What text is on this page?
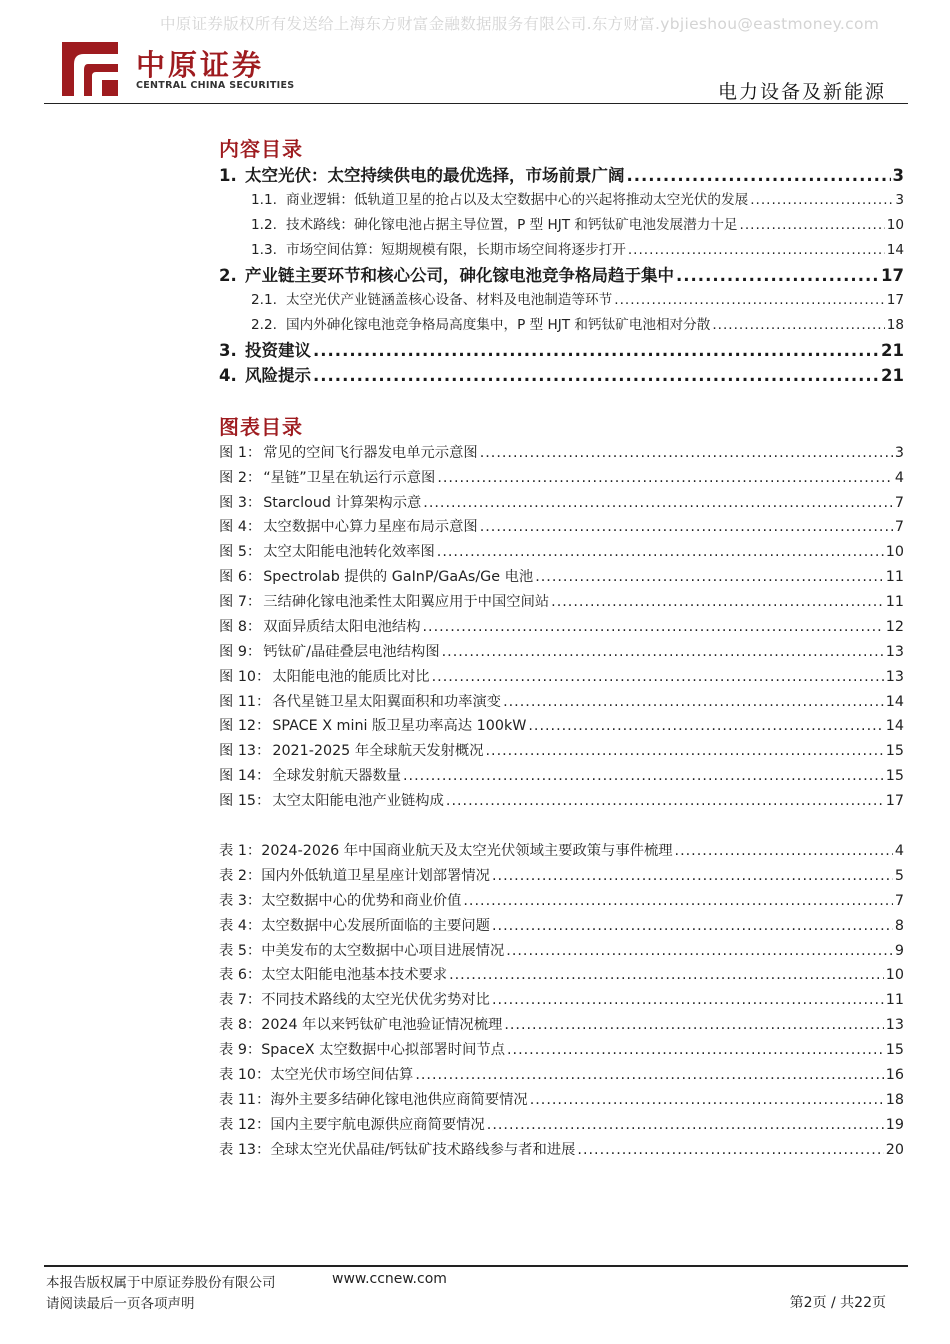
中原证券版权所有发送给上海东方财富金融数据服务有限公司.东方财富.ybjieshou@eastmoney.com
中原证券
CENTRAL CHINA SECURITIES	电力设备及新能源
内容目录
1. 太空光伏：太空持续供电的最优选择，市场前景广阔 .....	3
1.1. 商业逻辑：低轨道卫星的抢占以及太空数据中心的兴起将推动太空光伏的发展 .....	3
1.2. 技术路线：砷化镓电池占据主导位置，P 型 HJT 和钙钛矿电池发展潜力十足 .....	10
1.3. 市场空间估算：短期规模有限，长期市场空间将逐步打开 .....	14
2. 产业链主要环节和核心公司，砷化镓电池竞争格局趋于集中 .....	17
2.1. 太空光伏产业链涵盖核心设备、材料及电池制造等环节 .....	17
2.2. 国内外砷化镓电池竞争格局高度集中，P 型 HJT 和钙钛矿电池相对分散 .....	18
3. 投资建议 .....	21
4. 风险提示 .....	21
图表目录
图 1： 常见的空间飞行器发电单元示意图 .....	3
图 2： “星链”卫星在轨运行示意图 .....	4
图 3： Starcloud 计算架构示意 .....	7
图 4： 太空数据中心算力星座布局示意图 .....	7
图 5： 太空太阳能电池转化效率图 .....	10
图 6： Spectrolab 提供的 GaInP/GaAs/Ge 电池 .....	11
图 7： 三结砷化镓电池柔性太阳翼应用于中国空间站 .....	11
图 8： 双面异质结太阳电池结构 .....	12
图 9： 钙钛矿/晶硅叠层电池结构图 .....	13
图 10： 太阳能电池的能质比对比 .....	13
图 11： 各代星链卫星太阳翼面积和功率演变 .....	14
图 12： SPACE X mini 版卫星功率高达 100kW .....	14
图 13： 2021-2025 年全球航天发射概况 .....	15
图 14： 全球发射航天器数量 .....	15
图 15： 太空太阳能电池产业链构成 .....	17
表 1： 2024-2026 年中国商业航天及太空光伏领域主要政策与事件梳理 .....	4
表 2： 国内外低轨道卫星星座计划部署情况 .....	5
表 3： 太空数据中心的优势和商业价值 .....	7
表 4： 太空数据中心发展所面临的主要问题 .....	8
表 5： 中美发布的太空数据中心项目进展情况 .....	9
表 6： 太空太阳能电池基本技术要求 .....	10
表 7： 不同技术路线的太空光伏优劣势对比 .....	11
表 8： 2024 年以来钙钛矿电池验证情况梳理 .....	13
表 9： SpaceX 太空数据中心拟部署时间节点 .....	15
表 10： 太空光伏市场空间估算 .....	16
表 11： 海外主要多结砷化镓电池供应商简要情况 .....	18
表 12： 国内主要宇航电源供应商简要情况 .....	19
表 13： 全球太空光伏晶硅/钙钛矿技术路线参与者和进展 .....	20
本报告版权属于中原证券股份有限公司	www.ccnew.com
请阅读最后一页各项声明	第2页 / 共22页
